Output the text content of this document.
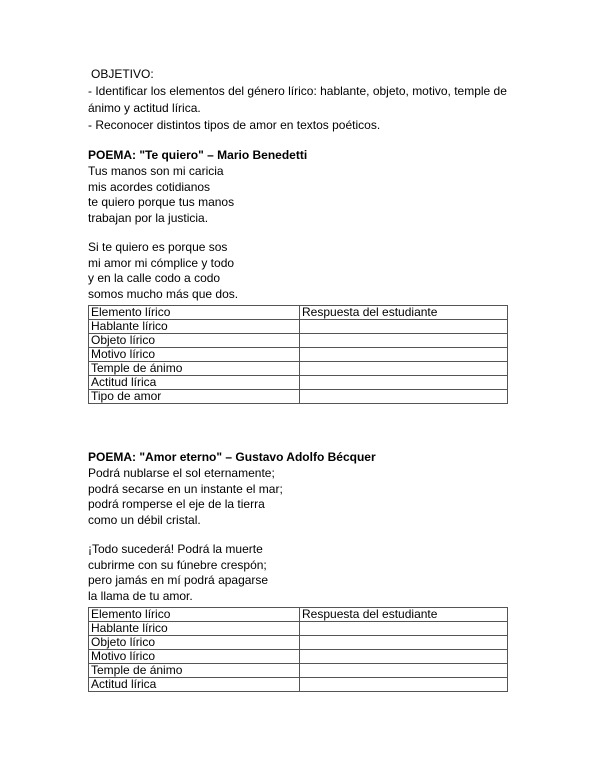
OBJETIVO:

- Identificar los elementos del género lírico: hablante, objeto, motivo, temple de

ánimo y actitud lírica.

- Reconocer distintos tipos de amor en textos poéticos.

POEMA: "Te quiero" – Mario Benedetti

Tus manos son mi caricia

mis acordes cotidianos

te quiero porque tus manos

trabajan por la justicia.

Si te quiero es porque sos

mi amor mi cómplice y todo

y en la calle codo a codo

somos mucho más que dos.

Elemento lírico	Respuesta del estudiante
Hablante lírico	
Objeto lírico	
Motivo lírico	
Temple de ánimo	
Actitud lírica	
Tipo de amor	

POEMA: "Amor eterno" – Gustavo Adolfo Bécquer

Podrá nublarse el sol eternamente;

podrá secarse en un instante el mar;

podrá romperse el eje de la tierra

como un débil cristal.

¡Todo sucederá! Podrá la muerte

cubrirme con su fúnebre crespón;

pero jamás en mí podrá apagarse

la llama de tu amor.

Elemento lírico	Respuesta del estudiante
Hablante lírico	
Objeto lírico	
Motivo lírico	
Temple de ánimo	
Actitud lírica	
